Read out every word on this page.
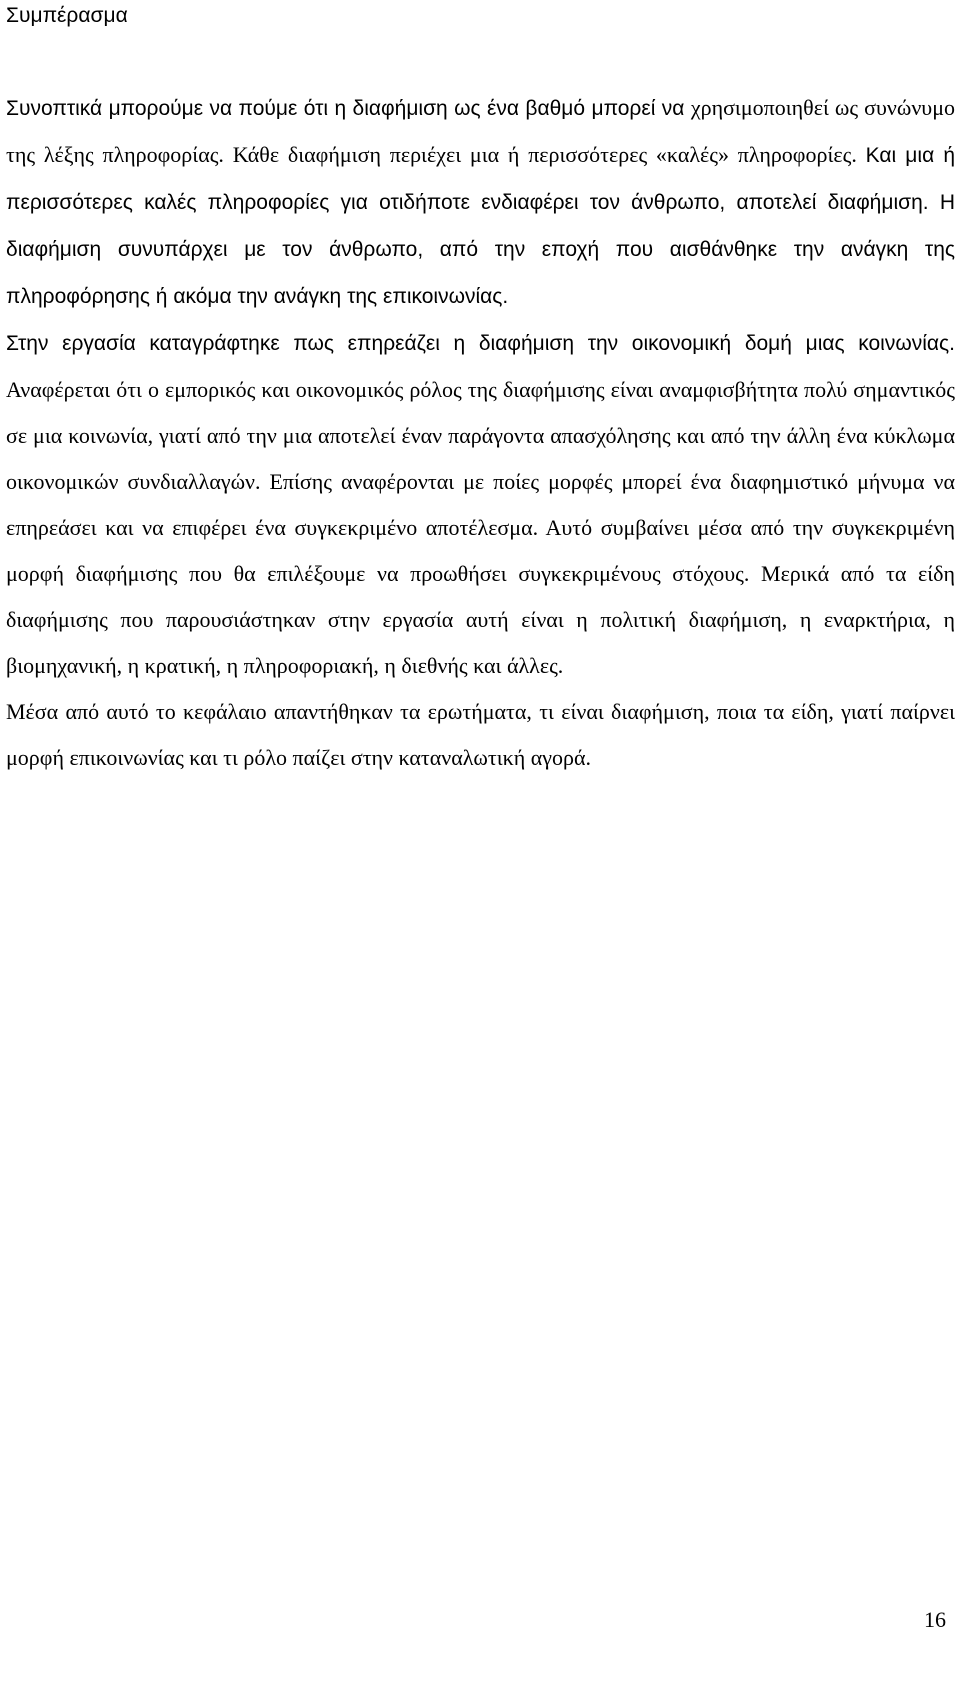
Συμπέρασμα

Συνοπτικά μπορούμε να πούμε ότι η διαφήμιση ως ένα βαθμό μπορεί να χρησιμοποιηθεί ως συνώνυμο της λέξης πληροφορίας. Κάθε διαφήμιση περιέχει μια ή περισσότερες «καλές» πληροφορίες. Και μια ή περισσότερες καλές πληροφορίες για οτιδήποτε ενδιαφέρει τον άνθρωπο, αποτελεί διαφήμιση. Η διαφήμιση συνυπάρχει με τον άνθρωπο, από την εποχή που αισθάνθηκε την ανάγκη της πληροφόρησης ή ακόμα την ανάγκη της επικοινωνίας.

Στην εργασία καταγράφτηκε πως επηρεάζει η διαφήμιση την οικονομική δομή μιας κοινωνίας. Αναφέρεται ότι ο εμπορικός και οικονομικός ρόλος της διαφήμισης είναι αναμφισβήτητα πολύ σημαντικός σε μια κοινωνία, γιατί από την μια αποτελεί έναν παράγοντα απασχόλησης και από την άλλη ένα κύκλωμα οικονομικών συνδιαλλαγών. Επίσης αναφέρονται με ποίες μορφές μπορεί ένα διαφημιστικό μήνυμα να επηρεάσει και να επιφέρει ένα συγκεκριμένο αποτέλεσμα. Αυτό συμβαίνει μέσα από την συγκεκριμένη μορφή διαφήμισης που θα επιλέξουμε να προωθήσει συγκεκριμένους στόχους. Μερικά από τα είδη διαφήμισης που παρουσιάστηκαν στην εργασία αυτή είναι η πολιτική διαφήμιση, η εναρκτήρια, η βιομηχανική, η κρατική, η πληροφοριακή, η διεθνής και άλλες.

Μέσα από αυτό το κεφάλαιο απαντήθηκαν τα ερωτήματα, τι είναι διαφήμιση, ποια τα είδη, γιατί παίρνει μορφή επικοινωνίας και τι ρόλο παίζει στην καταναλωτική αγορά.

16
